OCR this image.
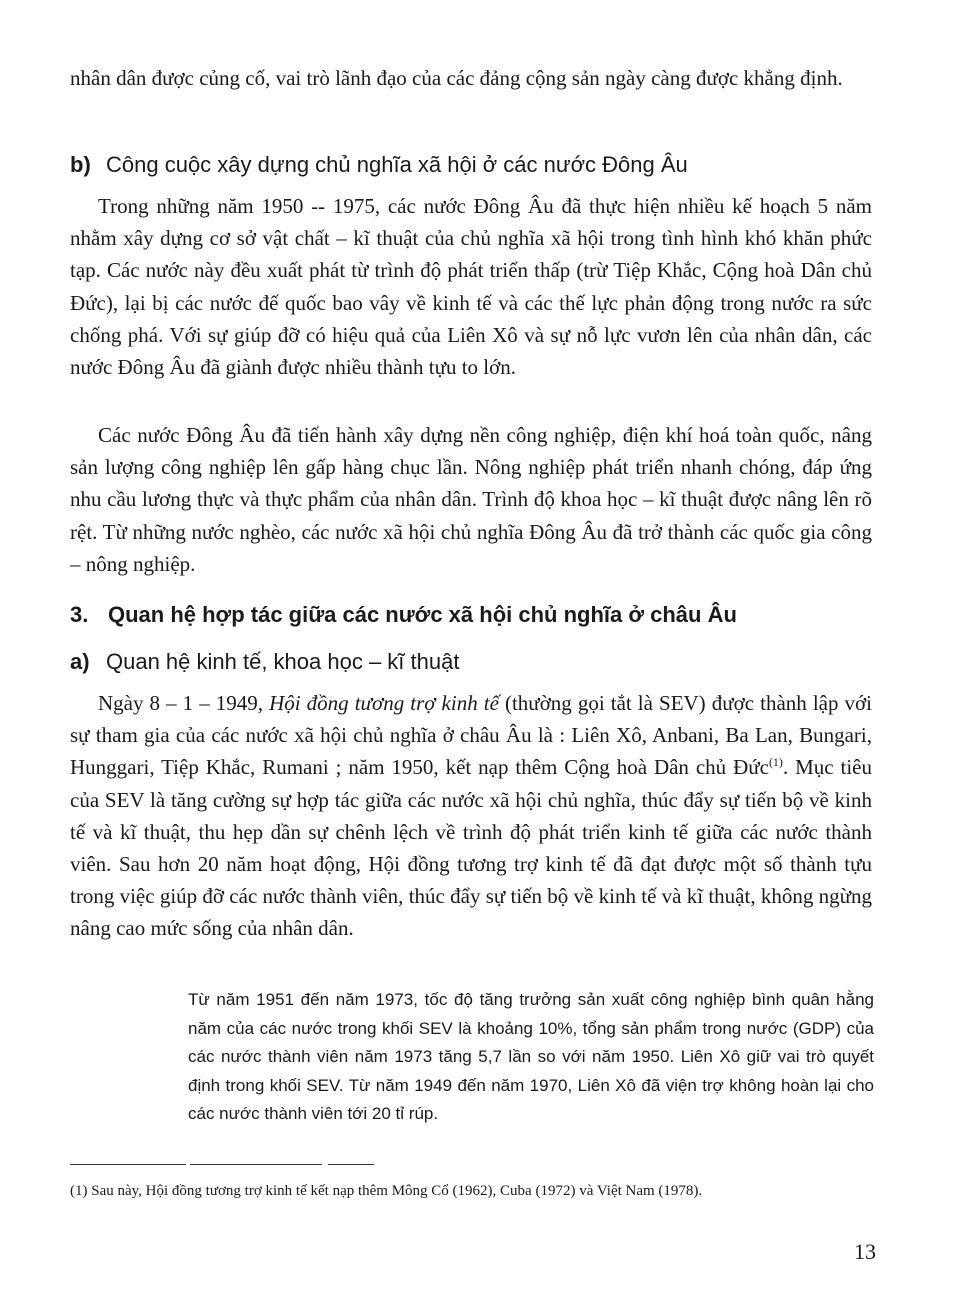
nhân dân được củng cố, vai trò lãnh đạo của các đảng cộng sản ngày càng được khẳng định.

b) Công cuộc xây dựng chủ nghĩa xã hội ở các nước Đông Âu

Trong những năm 1950 -- 1975, các nước Đông Âu đã thực hiện nhiều kế hoạch 5 năm nhằm xây dựng cơ sở vật chất – kĩ thuật của chủ nghĩa xã hội trong tình hình khó khăn phức tạp. Các nước này đều xuất phát từ trình độ phát triển thấp (trừ Tiệp Khắc, Cộng hoà Dân chủ Đức), lại bị các nước đế quốc bao vây về kinh tế và các thế lực phản động trong nước ra sức chống phá. Với sự giúp đỡ có hiệu quả của Liên Xô và sự nỗ lực vươn lên của nhân dân, các nước Đông Âu đã giành được nhiều thành tựu to lớn.

Các nước Đông Âu đã tiến hành xây dựng nền công nghiệp, điện khí hoá toàn quốc, nâng sản lượng công nghiệp lên gấp hàng chục lần. Nông nghiệp phát triển nhanh chóng, đáp ứng nhu cầu lương thực và thực phẩm của nhân dân. Trình độ khoa học – kĩ thuật được nâng lên rõ rệt. Từ những nước nghèo, các nước xã hội chủ nghĩa Đông Âu đã trở thành các quốc gia công – nông nghiệp.

3. Quan hệ hợp tác giữa các nước xã hội chủ nghĩa ở châu Âu
a) Quan hệ kinh tế, khoa học – kĩ thuật

Ngày 8 – 1 – 1949, Hội đồng tương trợ kinh tế (thường gọi tắt là SEV) được thành lập với sự tham gia của các nước xã hội chủ nghĩa ở châu Âu là : Liên Xô, Anbani, Ba Lan, Bungari, Hunggari, Tiệp Khắc, Rumani ; năm 1950, kết nạp thêm Cộng hoà Dân chủ Đức$^{(1)}$. Mục tiêu của SEV là tăng cường sự hợp tác giữa các nước xã hội chủ nghĩa, thúc đẩy sự tiến bộ về kinh tế và kĩ thuật, thu hẹp dần sự chênh lệch về trình độ phát triển kinh tế giữa các nước thành viên. Sau hơn 20 năm hoạt động, Hội đồng tương trợ kinh tế đã đạt được một số thành tựu trong việc giúp đỡ các nước thành viên, thúc đẩy sự tiến bộ về kinh tế và kĩ thuật, không ngừng nâng cao mức sống của nhân dân.

Từ năm 1951 đến năm 1973, tốc độ tăng trưởng sản xuất công nghiệp bình quân hằng năm của các nước trong khối SEV là khoảng 10%, tổng sản phẩm trong nước (GDP) của các nước thành viên năm 1973 tăng 5,7 lần so với năm 1950. Liên Xô giữ vai trò quyết định trong khối SEV. Từ năm 1949 đến năm 1970, Liên Xô đã viện trợ không hoàn lại cho các nước thành viên tới 20 tỉ rúp.

(1) Sau này, Hội đồng tương trợ kinh tế kết nạp thêm Mông Cổ (1962), Cuba (1972) và Việt Nam (1978).

13
